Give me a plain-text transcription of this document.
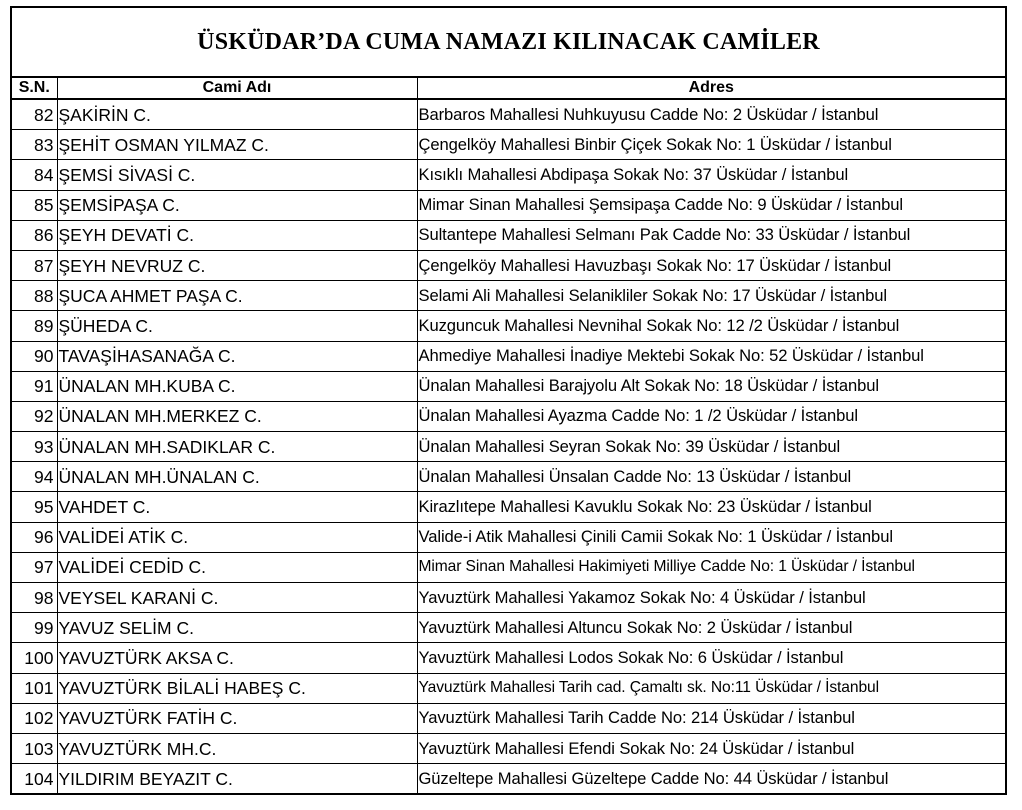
ÜSKÜDAR’DA CUMA NAMAZI KILINACAK CAMİLER
S.N.	Cami Adı	Adres
82	ŞAKİRİN C.	Barbaros Mahallesi Nuhkuyusu Cadde No: 2 Üsküdar / İstanbul
83	ŞEHİT OSMAN YILMAZ C.	Çengelköy Mahallesi Binbir Çiçek Sokak No: 1 Üsküdar / İstanbul
84	ŞEMSİ SİVASİ C.	Kısıklı Mahallesi Abdipaşa Sokak No: 37 Üsküdar / İstanbul
85	ŞEMSİPAŞA C.	Mimar Sinan Mahallesi Şemsipaşa Cadde No: 9 Üsküdar / İstanbul
86	ŞEYH DEVATİ C.	Sultantepe Mahallesi Selmanı Pak Cadde No: 33 Üsküdar / İstanbul
87	ŞEYH NEVRUZ C.	Çengelköy Mahallesi Havuzbaşı Sokak No: 17 Üsküdar / İstanbul
88	ŞUCA AHMET PAŞA C.	Selami Ali Mahallesi Selanikliler Sokak No: 17 Üsküdar / İstanbul
89	ŞÜHEDA C.	Kuzguncuk Mahallesi Nevnihal Sokak No: 12 /2 Üsküdar / İstanbul
90	TAVAŞİHASANAĞA C.	Ahmediye Mahallesi İnadiye Mektebi Sokak No: 52 Üsküdar / İstanbul
91	ÜNALAN MH.KUBA C.	Ünalan Mahallesi Barajyolu Alt Sokak No: 18 Üsküdar / İstanbul
92	ÜNALAN MH.MERKEZ C.	Ünalan Mahallesi Ayazma Cadde No: 1 /2 Üsküdar / İstanbul
93	ÜNALAN MH.SADIKLAR C.	Ünalan Mahallesi Seyran Sokak No: 39 Üsküdar / İstanbul
94	ÜNALAN MH.ÜNALAN C.	Ünalan Mahallesi Ünsalan Cadde No: 13 Üsküdar / İstanbul
95	VAHDET C.	Kirazlıtepe Mahallesi Kavuklu Sokak No: 23 Üsküdar / İstanbul
96	VALİDEİ ATİK C.	Valide-i Atik Mahallesi Çinili Camii Sokak No: 1 Üsküdar / İstanbul
97	VALİDEİ CEDİD C.	Mimar Sinan Mahallesi Hakimiyeti Milliye Cadde No: 1 Üsküdar / İstanbul
98	VEYSEL KARANİ C.	Yavuztürk Mahallesi Yakamoz Sokak No: 4 Üsküdar / İstanbul
99	YAVUZ SELİM C.	Yavuztürk Mahallesi Altuncu Sokak No: 2 Üsküdar / İstanbul
100	YAVUZTÜRK AKSA C.	Yavuztürk Mahallesi Lodos Sokak No: 6 Üsküdar / İstanbul
101	YAVUZTÜRK BİLALİ HABEŞ C.	Yavuztürk Mahallesi Tarih cad. Çamaltı sk. No:11 Üsküdar / İstanbul
102	YAVUZTÜRK FATİH C.	Yavuztürk Mahallesi Tarih Cadde No: 214 Üsküdar / İstanbul
103	YAVUZTÜRK MH.C.	Yavuztürk Mahallesi Efendi Sokak No: 24 Üsküdar / İstanbul
104	YILDIRIM BEYAZIT C.	Güzeltepe Mahallesi Güzeltepe Cadde No: 44 Üsküdar / İstanbul
